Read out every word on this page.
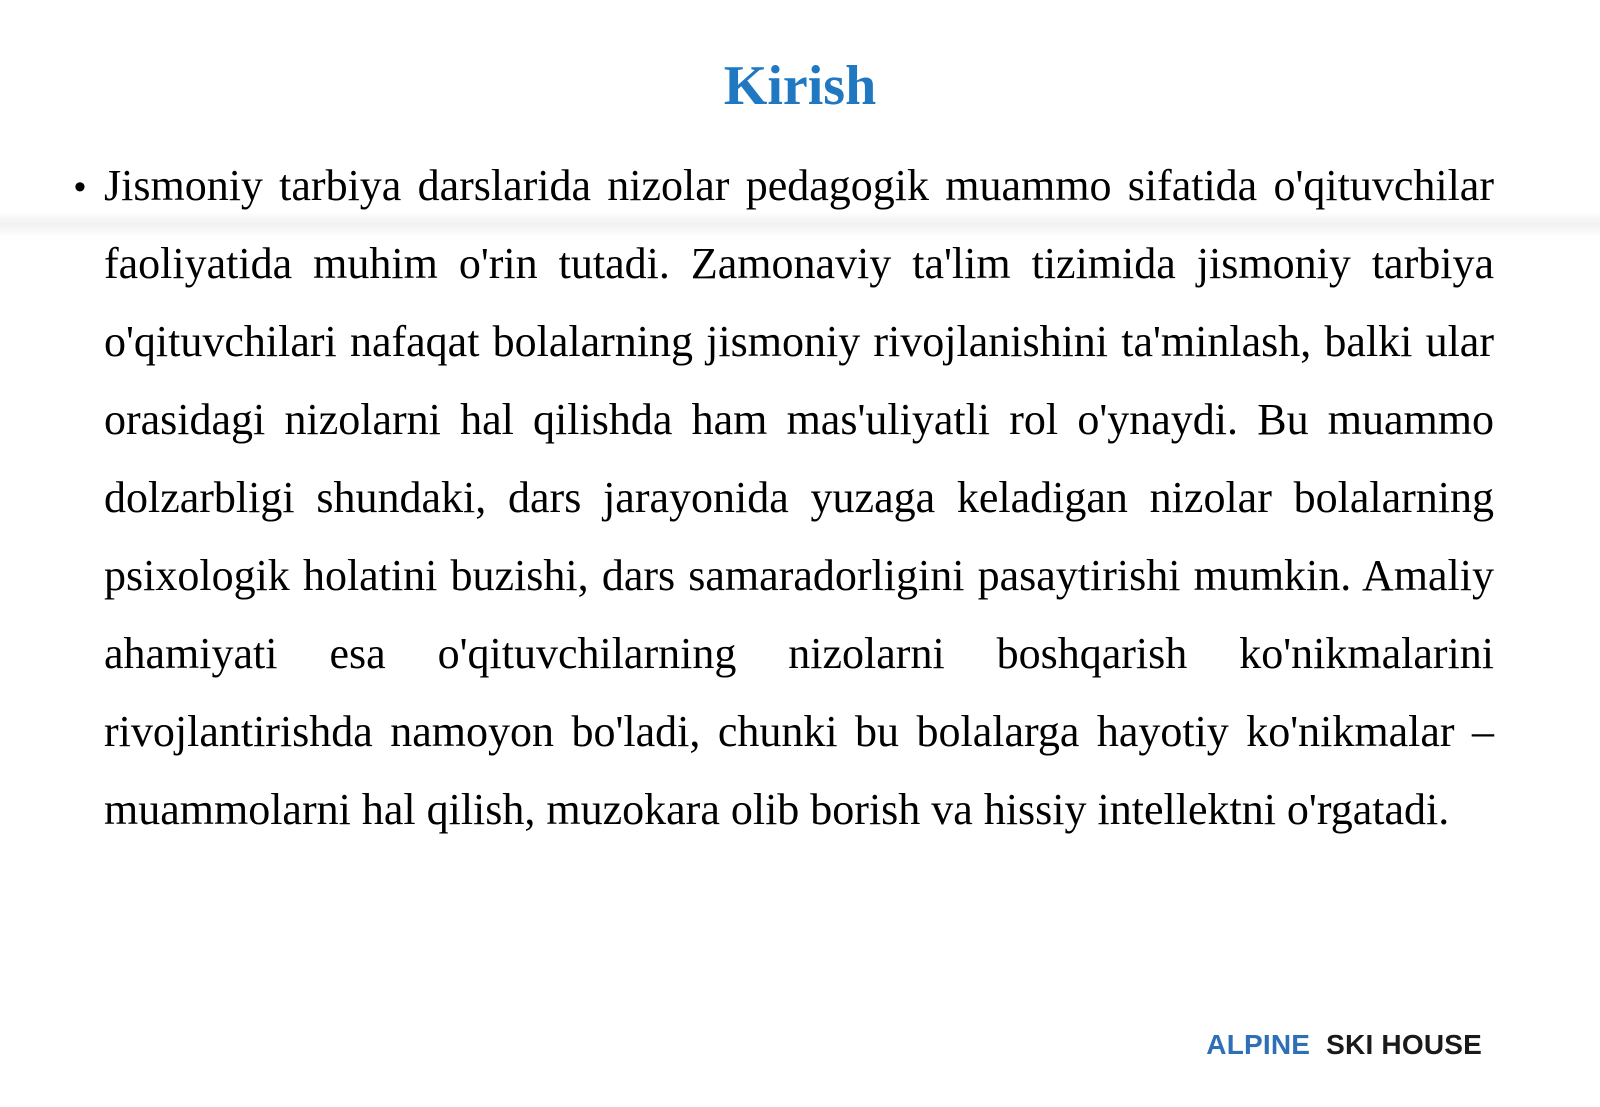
Kirish
• Jismoniy tarbiya darslarida nizolar pedagogik muammo sifatida o'qituvchilar faoliyatida muhim o'rin tutadi. Zamonaviy ta'lim tizimida jismoniy tarbiya o'qituvchilari nafaqat bolalarning jismoniy rivojlanishini ta'minlash, balki ular orasidagi nizolarni hal qilishda ham mas'uliyatli rol o'ynaydi. Bu muammo dolzarbligi shundaki, dars jarayonida yuzaga keladigan nizolar bolalarning psixologik holatini buzishi, dars samaradorligini pasaytirishi mumkin. Amaliy ahamiyati esa o'qituvchilarning nizolarni boshqarish ko'nikmalarini rivojlantirishda namoyon bo'ladi, chunki bu bolalarga hayotiy ko'nikmalar – muammolarni hal qilish, muzokara olib borish va hissiy intellektni o'rgatadi.
ALPINE SKI HOUSE
